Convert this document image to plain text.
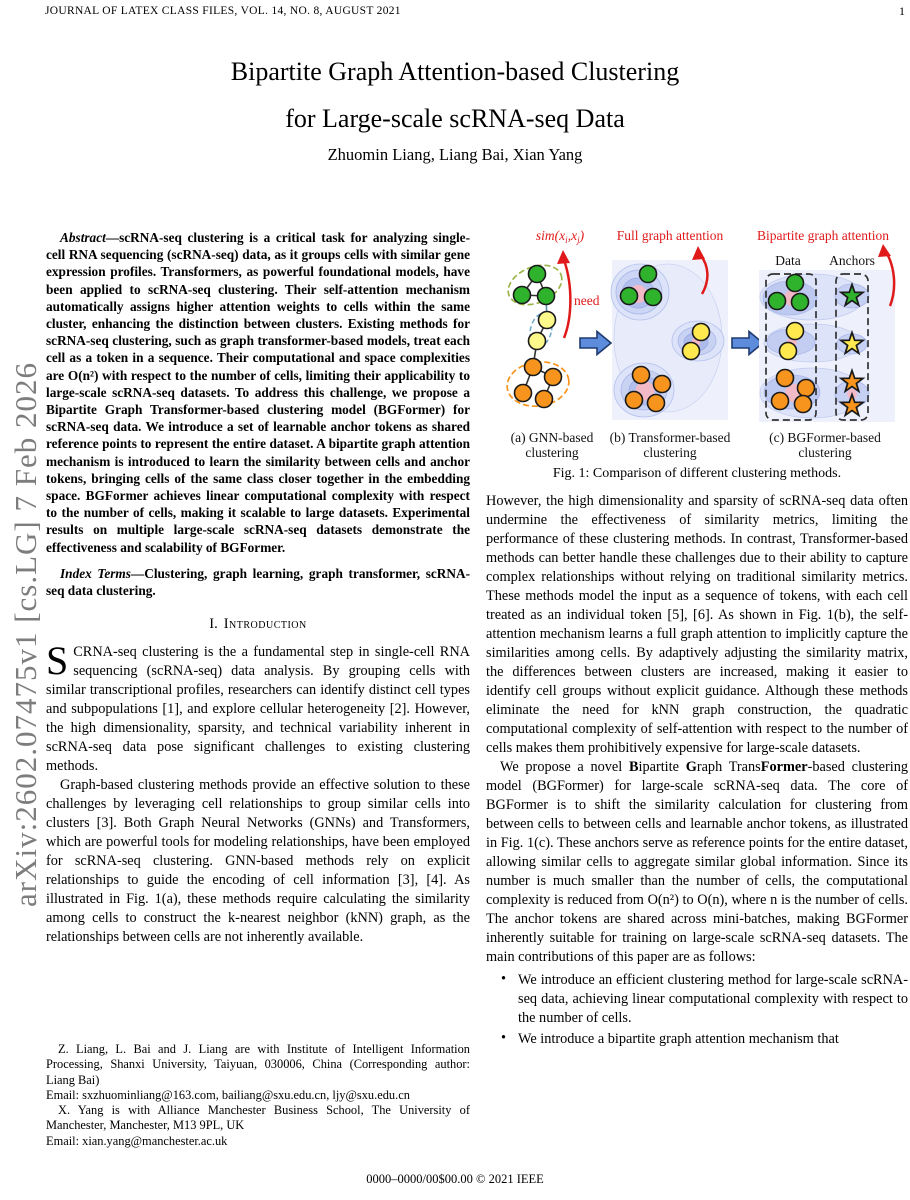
JOURNAL OF LATEX CLASS FILES, VOL. 14, NO. 8, AUGUST 2021	1
Bipartite Graph Attention-based Clustering
for Large-scale scRNA-seq Data
Zhuomin Liang, Liang Bai, Xian Yang
arXiv:2602.07475v1 [cs.LG] 7 Feb 2026

Abstract—scRNA-seq clustering is a critical task for analyzing single-cell RNA sequencing (scRNA-seq) data, as it groups cells with similar gene expression profiles. Transformers, as powerful foundational models, have been applied to scRNA-seq clustering. Their self-attention mechanism automatically assigns higher attention weights to cells within the same cluster, enhancing the distinction between clusters. Existing methods for scRNA-seq clustering, such as graph transformer-based models, treat each cell as a token in a sequence. Their computational and space complexities are O(n²) with respect to the number of cells, limiting their applicability to large-scale scRNA-seq datasets. To address this challenge, we propose a Bipartite Graph Transformer-based clustering model (BGFormer) for scRNA-seq data. We introduce a set of learnable anchor tokens as shared reference points to represent the entire dataset. A bipartite graph attention mechanism is introduced to learn the similarity between cells and anchor tokens, bringing cells of the same class closer together in the embedding space. BGFormer achieves linear computational complexity with respect to the number of cells, making it scalable to large datasets. Experimental results on multiple large-scale scRNA-seq datasets demonstrate the effectiveness and scalability of BGFormer.

Index Terms—Clustering, graph learning, graph transformer, scRNA-seq data clustering.

I. Introduction

SCRNA-seq clustering is the a fundamental step in single-cell RNA sequencing (scRNA-seq) data analysis. By grouping cells with similar transcriptional profiles, researchers can identify distinct cell types and subpopulations [1], and explore cellular heterogeneity [2]. However, the high dimensionality, sparsity, and technical variability inherent in scRNA-seq data pose significant challenges to existing clustering methods.

Graph-based clustering methods provide an effective solution to these challenges by leveraging cell relationships to group similar cells into clusters [3]. Both Graph Neural Networks (GNNs) and Transformers, which are powerful tools for modeling relationships, have been employed for scRNA-seq clustering. GNN-based methods rely on explicit relationships to guide the encoding of cell information [3], [4]. As illustrated in Fig. 1(a), these methods require calculating the similarity among cells to construct the k-nearest neighbor (kNN) graph, as the relationships between cells are not inherently available.

$sim(x_i,x_j)$ Full graph attention	Bipartite graph attention
Data Anchors
need
(a) GNN-based
clustering
(b) Transformer-based
clustering
(c) BGFormer-based
clustering
Fig. 1: Comparison of different clustering methods.

However, the high dimensionality and sparsity of scRNA-seq data often undermine the effectiveness of similarity metrics, limiting the performance of these clustering methods. In contrast, Transformer-based methods can better handle these challenges due to their ability to capture complex relationships without relying on traditional similarity metrics. These methods model the input as a sequence of tokens, with each cell treated as an individual token [5], [6]. As shown in Fig. 1(b), the self-attention mechanism learns a full graph attention to implicitly capture the similarities among cells. By adaptively adjusting the similarity matrix, the differences between clusters are increased, making it easier to identify cell groups without explicit guidance. Although these methods eliminate the need for kNN graph construction, the quadratic computational complexity of self-attention with respect to the number of cells makes them prohibitively expensive for large-scale datasets.

We propose a novel Bipartite Graph TransFormer-based clustering model (BGFormer) for large-scale scRNA-seq data. The core of BGFormer is to shift the similarity calculation for clustering from between cells to between cells and learnable anchor tokens, as illustrated in Fig. 1(c). These anchors serve as reference points for the entire dataset, allowing similar cells to aggregate similar global information. Since its number is much smaller than the number of cells, the computational complexity is reduced from O(n²) to O(n), where n is the number of cells. The anchor tokens are shared across mini-batches, making BGFormer inherently suitable for training on large-scale scRNA-seq datasets. The main contributions of this paper are as follows:

• We introduce an efficient clustering method for large-scale scRNA-seq data, achieving linear computational complexity with respect to the number of cells.
• We introduce a bipartite graph attention mechanism that

Z. Liang, L. Bai and J. Liang are with Institute of Intelligent Information Processing, Shanxi University, Taiyuan, 030006, China (Corresponding author: Liang Bai)

Email: sxzhuominliang@163.com, bailiang@sxu.edu.cn, ljy@sxu.edu.cn

X. Yang is with Alliance Manchester Business School, The University of Manchester, Manchester, M13 9PL, UK

Email: xian.yang@manchester.ac.uk

0000–0000/00$00.00 © 2021 IEEE
